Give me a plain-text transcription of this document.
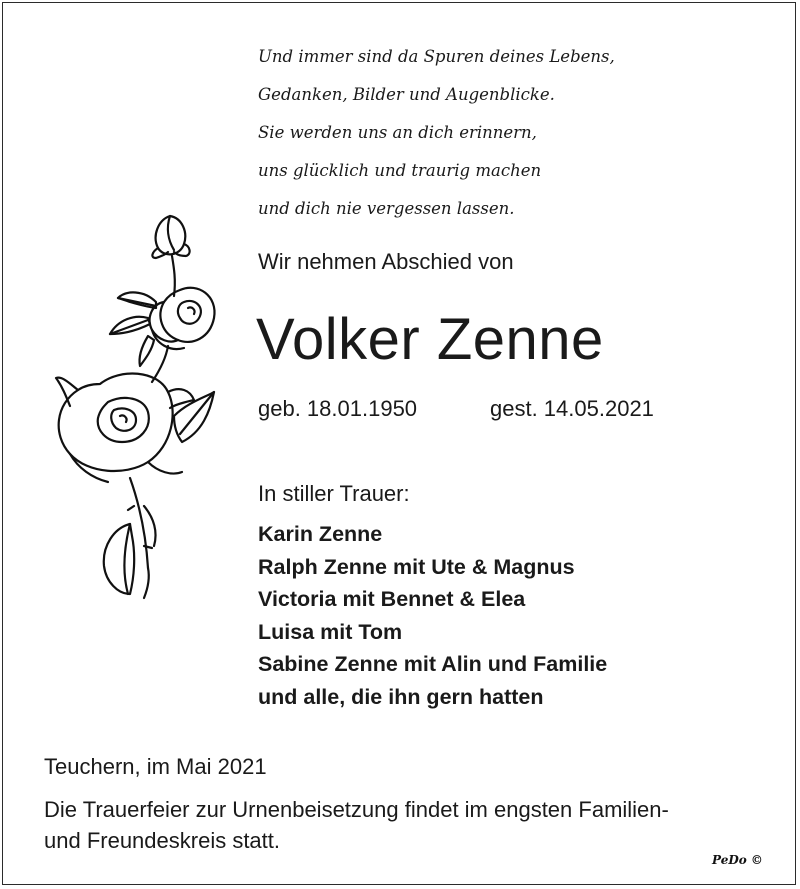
Und immer sind da Spuren deines Lebens,
Gedanken, Bilder und Augenblicke.
Sie werden uns an dich erinnern,
uns glücklich und traurig machen
und dich nie vergessen lassen.
Wir nehmen Abschied von
Volker Zenne
geb. 18.01.1950	gest. 14.05.2021
In stiller Trauer:
Karin Zenne
Ralph Zenne mit Ute & Magnus
Victoria mit Bennet & Elea
Luisa mit Tom
Sabine Zenne mit Alin und Familie
und alle, die ihn gern hatten
Teuchern, im Mai 2021
Die Trauerfeier zur Urnenbeisetzung findet im engsten Familien-
und Freundeskreis statt.
PeDo ©
